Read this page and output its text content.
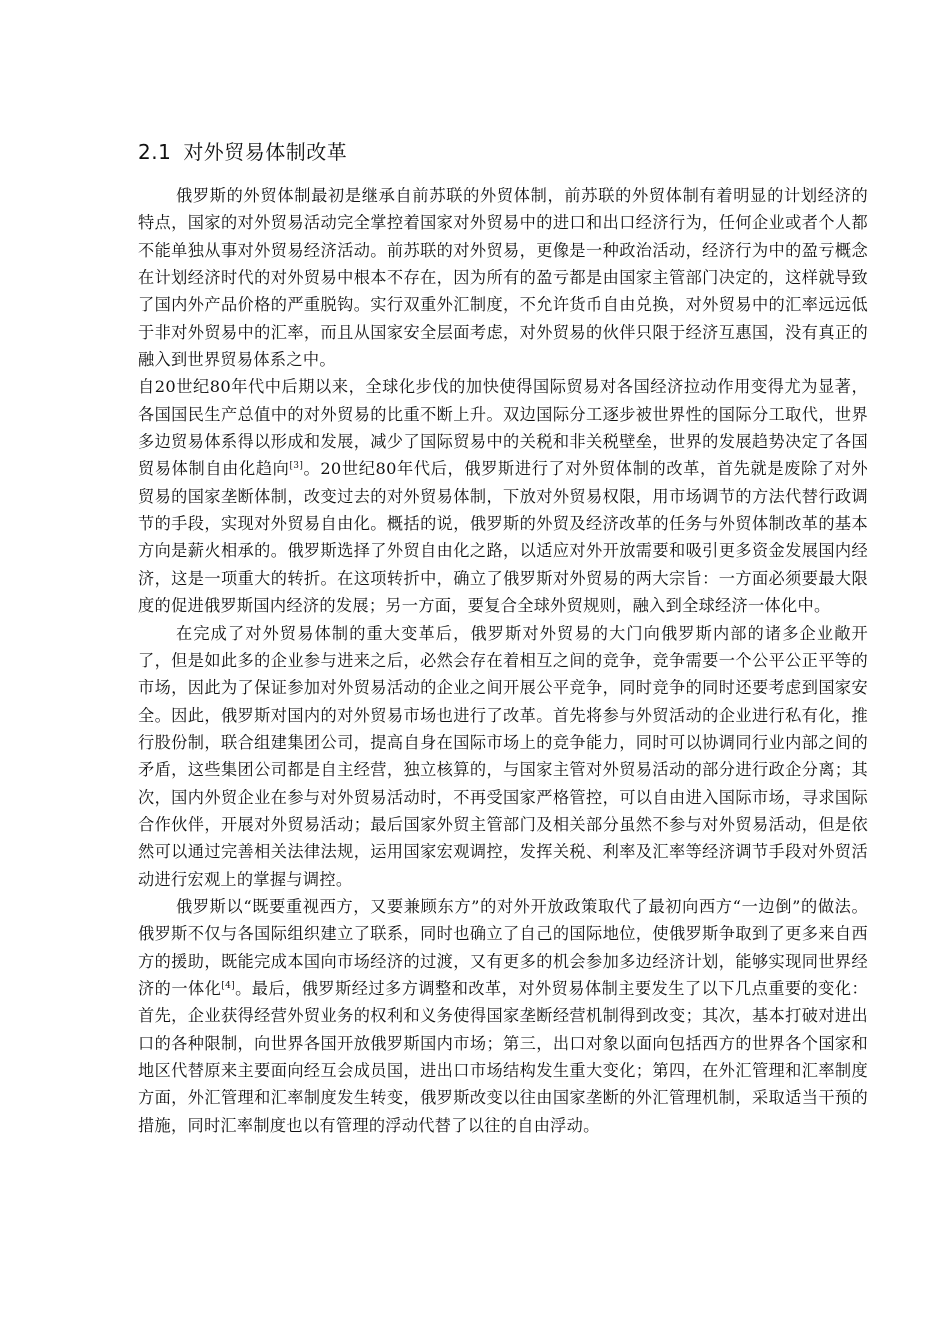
2.1 对外贸易体制改革

俄罗斯的外贸体制最初是继承自前苏联的外贸体制，前苏联的外贸体制有着明显的计划经济的特点，国家的对外贸易活动完全掌控着国家对外贸易中的进口和出口经济行为，任何企业或者个人都不能单独从事对外贸易经济活动。前苏联的对外贸易，更像是一种政治活动，经济行为中的盈亏概念在计划经济时代的对外贸易中根本不存在，因为所有的盈亏都是由国家主管部门决定的，这样就导致了国内外产品价格的严重脱钩。实行双重外汇制度，不允许货币自由兑换，对外贸易中的汇率远远低于非对外贸易中的汇率，而且从国家安全层面考虑，对外贸易的伙伴只限于经济互惠国，没有真正的融入到世界贸易体系之中。

自20世纪80年代中后期以来，全球化步伐的加快使得国际贸易对各国经济拉动作用变得尤为显著，各国国民生产总值中的对外贸易的比重不断上升。双边国际分工逐步被世界性的国际分工取代，世界多边贸易体系得以形成和发展，减少了国际贸易中的关税和非关税壁垒，世界的发展趋势决定了各国贸易体制自由化趋向[3]。20世纪80年代后，俄罗斯进行了对外贸体制的改革，首先就是废除了对外贸易的国家垄断体制，改变过去的对外贸易体制，下放对外贸易权限，用市场调节的方法代替行政调节的手段，实现对外贸易自由化。概括的说，俄罗斯的外贸及经济改革的任务与外贸体制改革的基本方向是薪火相承的。俄罗斯选择了外贸自由化之路，以适应对外开放需要和吸引更多资金发展国内经济，这是一项重大的转折。在这项转折中，确立了俄罗斯对外贸易的两大宗旨：一方面必须要最大限度的促进俄罗斯国内经济的发展；另一方面，要复合全球外贸规则，融入到全球经济一体化中。

在完成了对外贸易体制的重大变革后，俄罗斯对外贸易的大门向俄罗斯内部的诸多企业敞开了，但是如此多的企业参与进来之后，必然会存在着相互之间的竞争，竞争需要一个公平公正平等的市场，因此为了保证参加对外贸易活动的企业之间开展公平竞争，同时竞争的同时还要考虑到国家安全。因此，俄罗斯对国内的对外贸易市场也进行了改革。首先将参与外贸活动的企业进行私有化，推行股份制，联合组建集团公司，提高自身在国际市场上的竞争能力，同时可以协调同行业内部之间的矛盾，这些集团公司都是自主经营，独立核算的，与国家主管对外贸易活动的部分进行政企分离；其次，国内外贸企业在参与对外贸易活动时，不再受国家严格管控，可以自由进入国际市场，寻求国际合作伙伴，开展对外贸易活动；最后国家外贸主管部门及相关部分虽然不参与对外贸易活动，但是依然可以通过完善相关法律法规，运用国家宏观调控，发挥关税、利率及汇率等经济调节手段对外贸活动进行宏观上的掌握与调控。

俄罗斯以“既要重视西方，又要兼顾东方”的对外开放政策取代了最初向西方“一边倒”的做法。俄罗斯不仅与各国际组织建立了联系，同时也确立了自己的国际地位，使俄罗斯争取到了更多来自西方的援助，既能完成本国向市场经济的过渡，又有更多的机会参加多边经济计划，能够实现同世界经济的一体化[4]。最后，俄罗斯经过多方调整和改革，对外贸易体制主要发生了以下几点重要的变化：首先，企业获得经营外贸业务的权利和义务使得国家垄断经营机制得到改变；其次，基本打破对进出口的各种限制，向世界各国开放俄罗斯国内市场；第三，出口对象以面向包括西方的世界各个国家和地区代替原来主要面向经互会成员国，进出口市场结构发生重大变化；第四，在外汇管理和汇率制度方面，外汇管理和汇率制度发生转变，俄罗斯改变以往由国家垄断的外汇管理机制，采取适当干预的措施，同时汇率制度也以有管理的浮动代替了以往的自由浮动。
